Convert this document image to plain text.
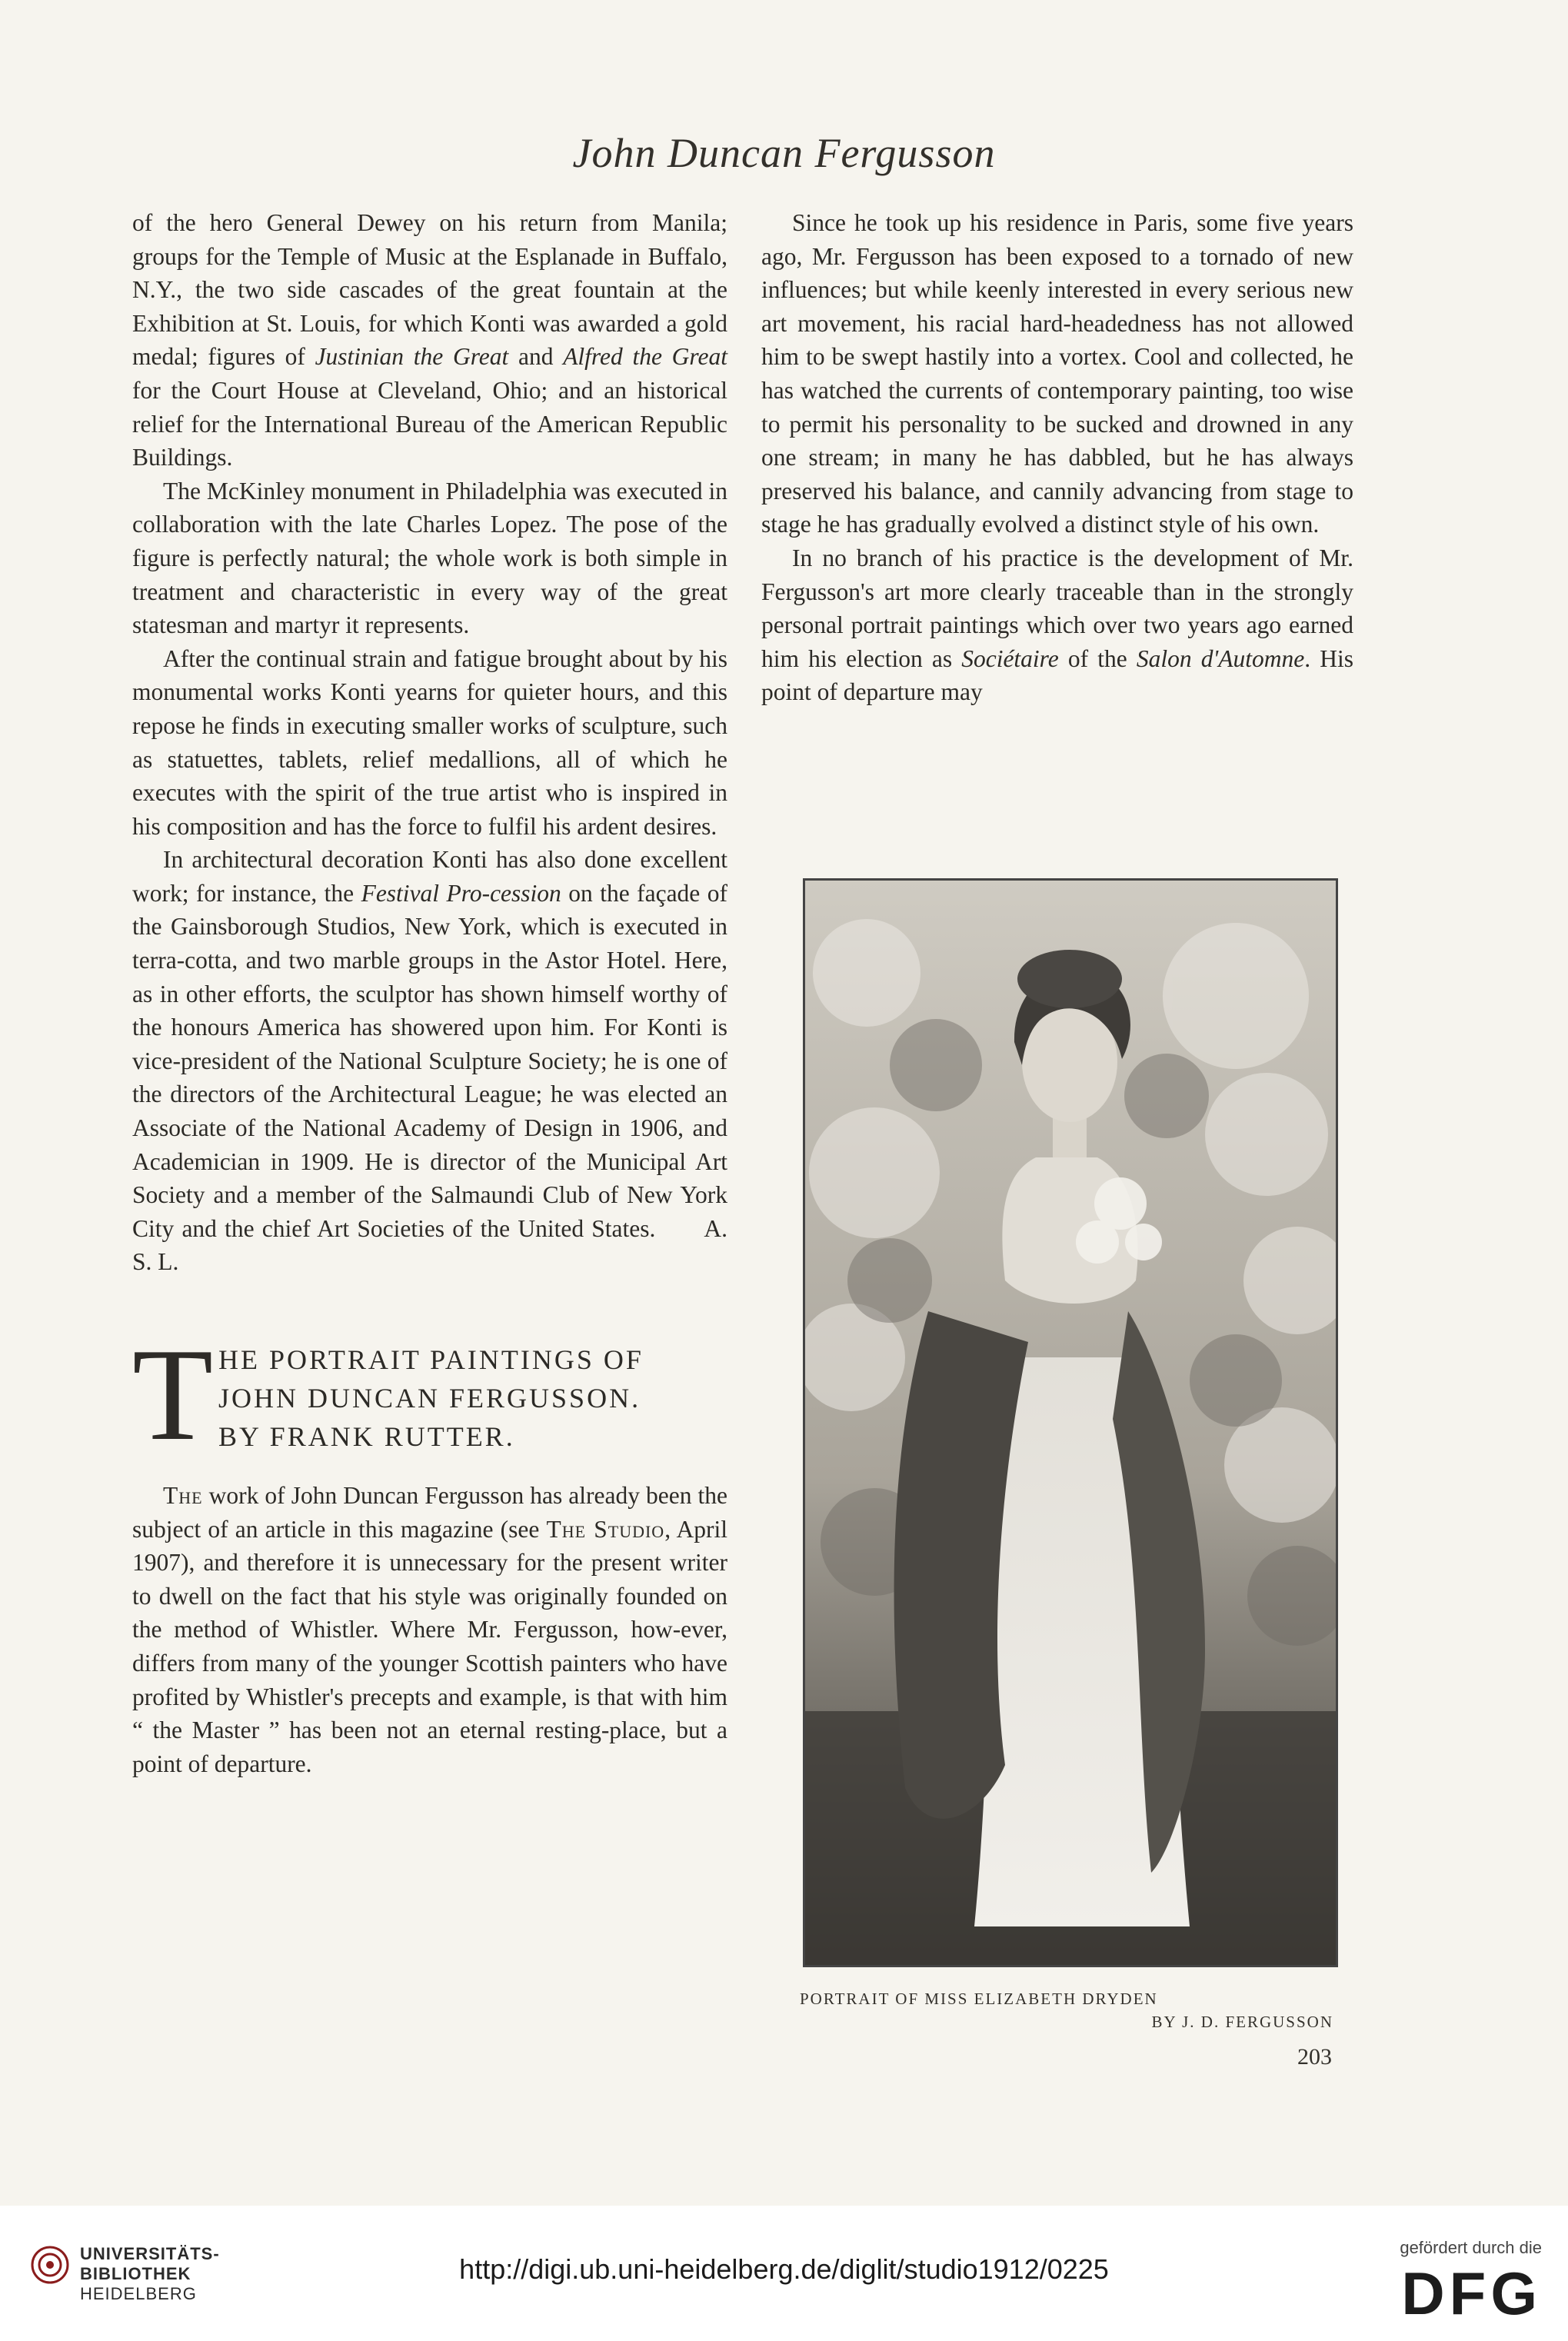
John Duncan Fergusson

of the hero General Dewey on his return from Manila; groups for the Temple of Music at the Esplanade in Buffalo, N.Y., the two side cascades of the great fountain at the Exhibition at St. Louis, for which Konti was awarded a gold medal; figures of Justinian the Great and Alfred the Great for the Court House at Cleveland, Ohio; and an historical relief for the International Bureau of the American Republic Buildings.

The McKinley monument in Philadelphia was executed in collaboration with the late Charles Lopez. The pose of the figure is perfectly natural; the whole work is both simple in treatment and characteristic in every way of the great statesman and martyr it represents.

After the continual strain and fatigue brought about by his monumental works Konti yearns for quieter hours, and this repose he finds in executing smaller works of sculpture, such as statuettes, tablets, relief medallions, all of which he executes with the spirit of the true artist who is inspired in his composition and has the force to fulfil his ardent desires.

In architectural decoration Konti has also done excellent work; for instance, the Festival Pro-cession on the façade of the Gainsborough Studios, New York, which is executed in terra-cotta, and two marble groups in the Astor Hotel. Here, as in other efforts, the sculptor has shown himself worthy of the honours America has showered upon him. For Konti is vice-president of the National Sculpture Society; he is one of the directors of the Architectural League; he was elected an Associate of the National Academy of Design in 1906, and Academician in 1909. He is director of the Municipal Art Society and a member of the Salmaundi Club of New York City and the chief Art Societies of the United States.  A. S. L.

T HE PORTRAIT PAINTINGS OF
JOHN DUNCAN FERGUSSON.
BY FRANK RUTTER.

The work of John Duncan Fergusson has already been the subject of an article in this magazine (see The Studio, April 1907), and therefore it is unnecessary for the present writer to dwell on the fact that his style was originally founded on the method of Whistler. Where Mr. Fergusson, how-ever, differs from many of the younger Scottish painters who have profited by Whistler's precepts and example, is that with him “ the Master ” has been not an eternal resting-place, but a point of departure.

Since he took up his residence in Paris, some five years ago, Mr. Fergusson has been exposed to a tornado of new influences; but while keenly interested in every serious new art movement, his racial hard-headedness has not allowed him to be swept hastily into a vortex. Cool and collected, he has watched the currents of contemporary painting, too wise to permit his personality to be sucked and drowned in any one stream; in many he has dabbled, but he has always preserved his balance, and cannily advancing from stage to stage he has gradually evolved a distinct style of his own.

In no branch of his practice is the development of Mr. Fergusson's art more clearly traceable than in the strongly personal portrait paintings which over two years ago earned him his election as Sociétaire of the Salon d'Automne. His point of departure may

PORTRAIT OF MISS ELIZABETH DRYDEN
BY J. D. FERGUSSON
203
UNIVERSITÄTS-
BIBLIOTHEK
HEIDELBERG
http://digi.ub.uni-heidelberg.de/diglit/studio1912/0225
gefördert durch die
DFG
